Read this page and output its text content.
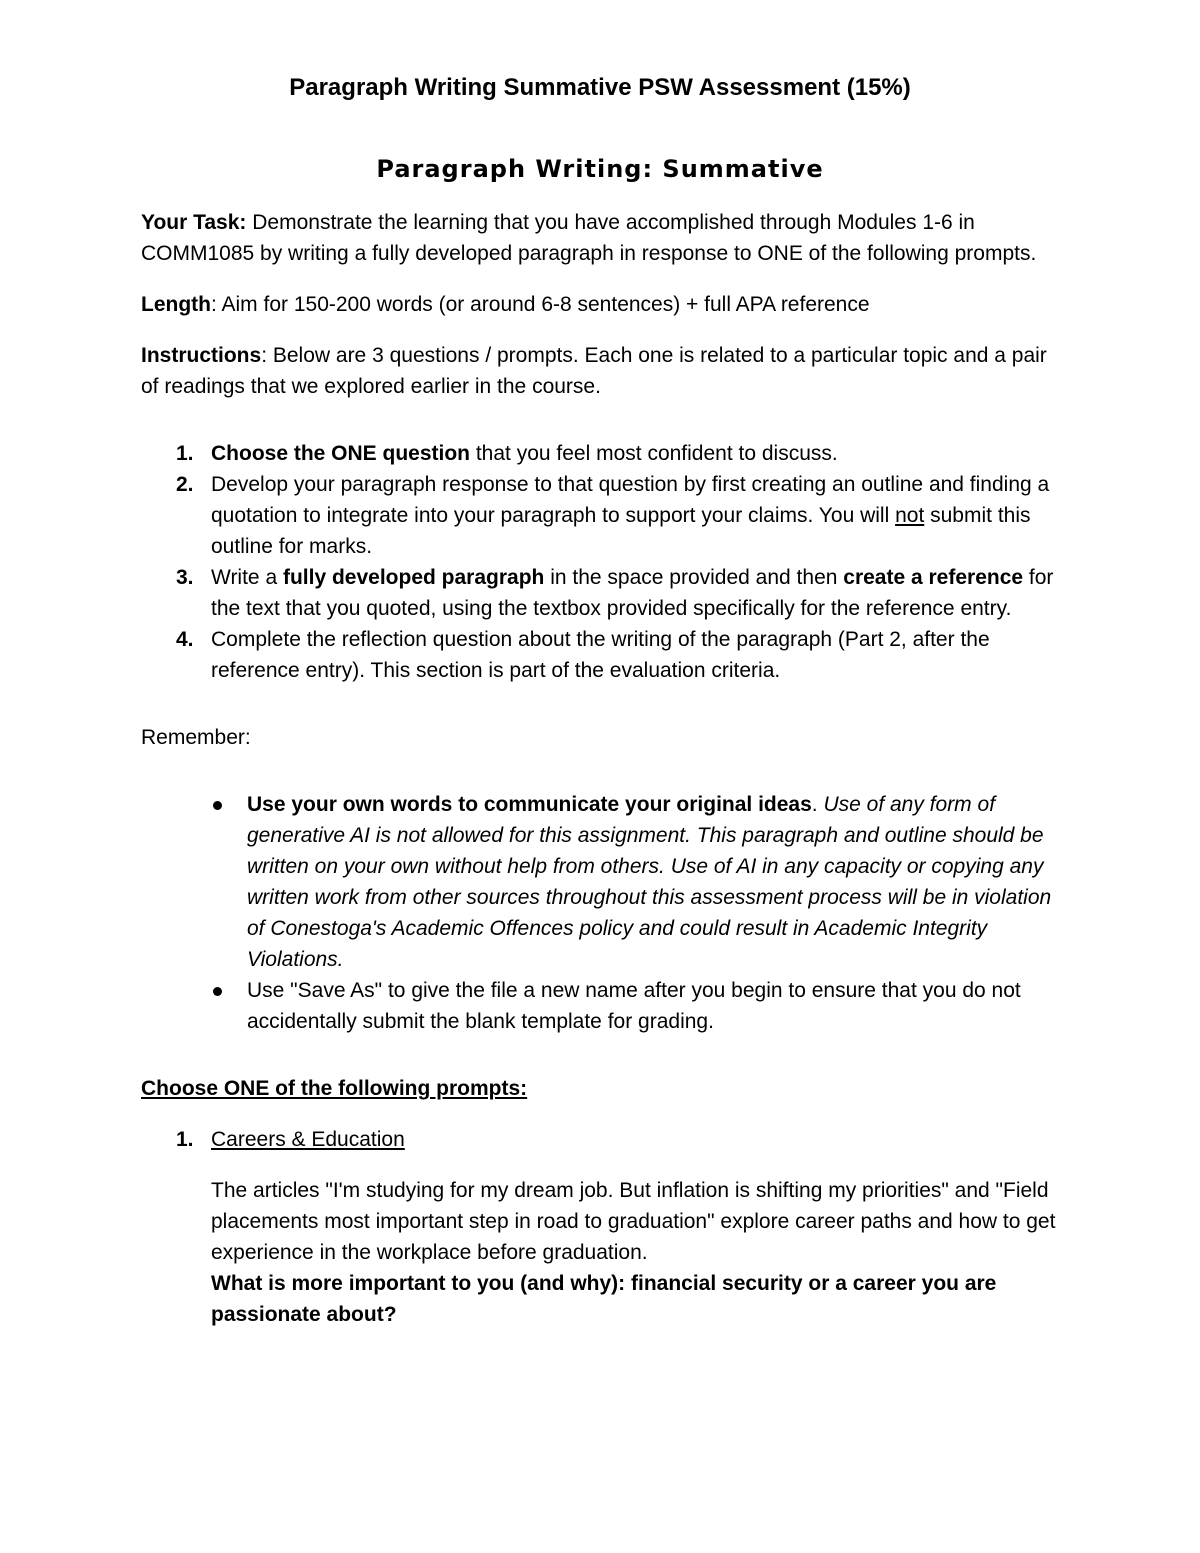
Paragraph Writing Summative PSW Assessment (15%)
Paragraph Writing: Summative

Your Task: Demonstrate the learning that you have accomplished through Modules 1-6 in COMM1085 by writing a fully developed paragraph in response to ONE of the following prompts.

Length: Aim for 150-200 words (or around 6-8 sentences) + full APA reference

Instructions: Below are 3 questions / prompts. Each one is related to a particular topic and a pair of readings that we explored earlier in the course.

1. Choose the ONE question that you feel most confident to discuss.
2. Develop your paragraph response to that question by first creating an outline and finding a quotation to integrate into your paragraph to support your claims. You will not submit this outline for marks.
3. Write a fully developed paragraph in the space provided and then create a reference for the text that you quoted, using the textbox provided specifically for the reference entry.
4. Complete the reflection question about the writing of the paragraph (Part 2, after the reference entry). This section is part of the evaluation criteria.

Remember:

Use your own words to communicate your original ideas. Use of any form of generative AI is not allowed for this assignment. This paragraph and outline should be written on your own without help from others. Use of AI in any capacity or copying any written work from other sources throughout this assessment process will be in violation of Conestoga's Academic Offences policy and could result in Academic Integrity Violations.
Use "Save As" to give the file a new name after you begin to ensure that you do not accidentally submit the blank template for grading.

Choose ONE of the following prompts:

1. Careers & Education

The articles "I'm studying for my dream job. But inflation is shifting my priorities" and "Field placements most important step in road to graduation" explore career paths and how to get experience in the workplace before graduation.

What is more important to you (and why): financial security or a career you are passionate about?
